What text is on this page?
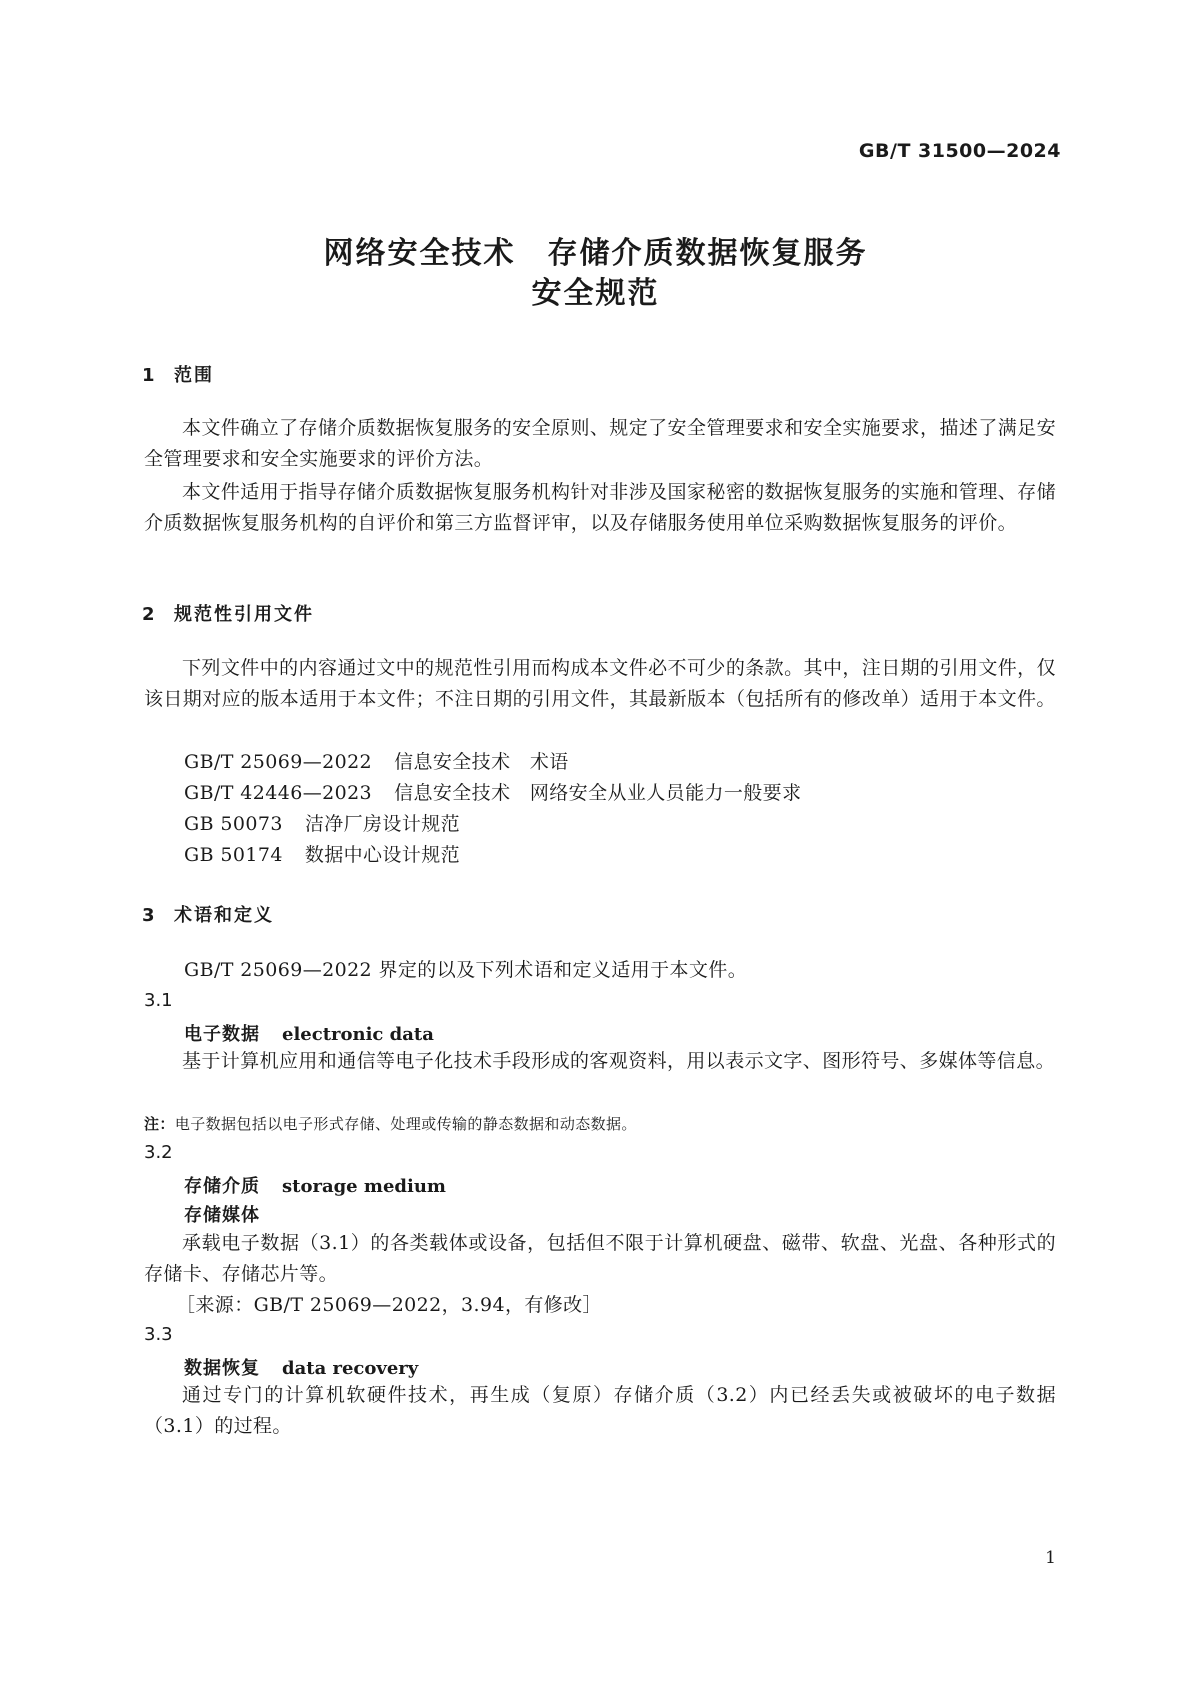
GB/T 31500—2024
网络安全技术　存储介质数据恢复服务
安全规范
1 范围
本文件确立了存储介质数据恢复服务的安全原则、规定了安全管理要求和安全实施要求，描述了满足安全管理要求和安全实施要求的评价方法。
本文件适用于指导存储介质数据恢复服务机构针对非涉及国家秘密的数据恢复服务的实施和管理、存储介质数据恢复服务机构的自评价和第三方监督评审，以及存储服务使用单位采购数据恢复服务的评价。
2 规范性引用文件
下列文件中的内容通过文中的规范性引用而构成本文件必不可少的条款。其中，注日期的引用文件，仅该日期对应的版本适用于本文件；不注日期的引用文件，其最新版本（包括所有的修改单）适用于本文件。
GB/T 25069—2022 信息安全技术　术语
GB/T 42446—2023 信息安全技术　网络安全从业人员能力一般要求
GB 50073 洁净厂房设计规范
GB 50174 数据中心设计规范
3 术语和定义
GB/T 25069—2022 界定的以及下列术语和定义适用于本文件。
3.1
电子数据 electronic data
基于计算机应用和通信等电子化技术手段形成的客观资料，用以表示文字、图形符号、多媒体等信息。
注：电子数据包括以电子形式存储、处理或传输的静态数据和动态数据。
3.2
存储介质 storage medium
存储媒体
承载电子数据（3.1）的各类载体或设备，包括但不限于计算机硬盘、磁带、软盘、光盘、各种形式的存储卡、存储芯片等。
［来源：GB/T 25069—2022，3.94，有修改］
3.3
数据恢复 data recovery
通过专门的计算机软硬件技术，再生成（复原）存储介质（3.2）内已经丢失或被破坏的电子数据（3.1）的过程。
1
